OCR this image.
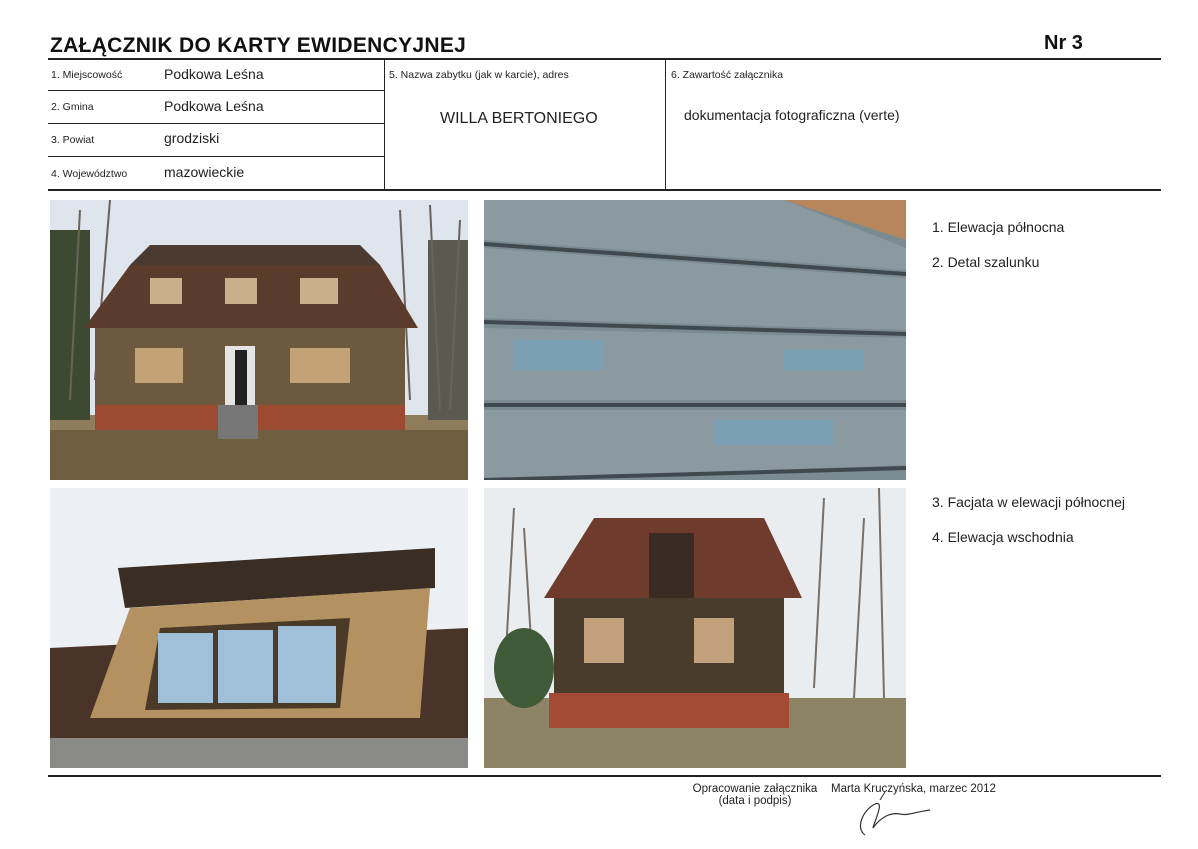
ZAŁĄCZNIK DO KARTY EWIDENCYJNEJ	Nr 3
1. Miejscowość	Podkowa Leśna
2. Gmina	Podkowa Leśna
3. Powiat	grodziski
4. Województwo	mazowieckie
5. Nazwa zabytku (jak w karcie), adres
WILLA BERTONIEGO
6. Zawartość załącznika
dokumentacja fotograficzna (verte)
1. Elewacja północna
2. Detal szalunku
3. Facjata w elewacji północnej
4. Elewacja wschodnia
Opracowanie załącznika
(data i podpis)
Marta Kruczyńska, marzec 2012
